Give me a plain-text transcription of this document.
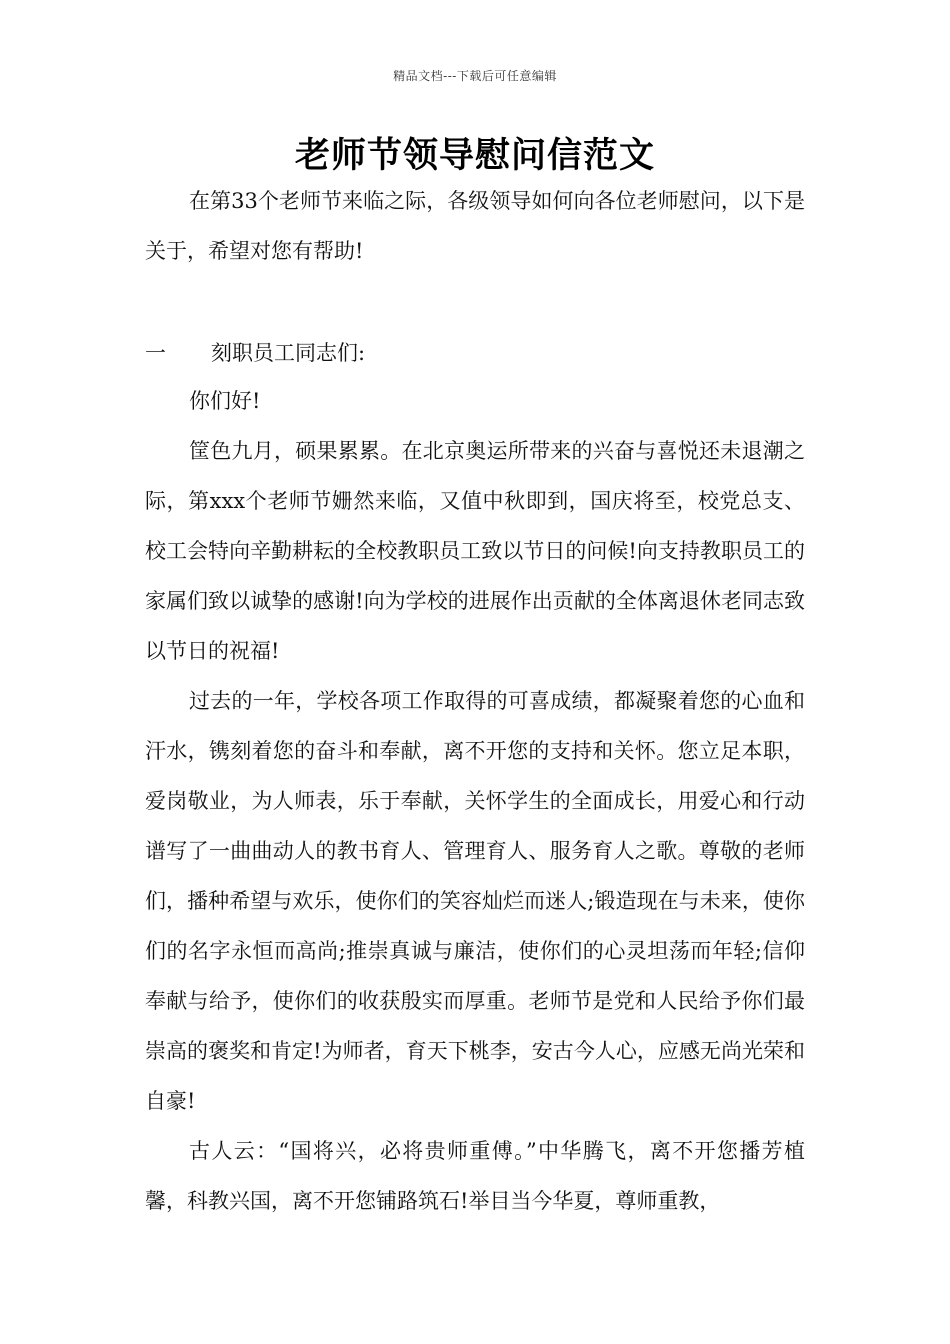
精品文档---下载后可任意编辑
老师节领导慰问信范文

在第33个老师节来临之际，各级领导如何向各位老师慰问，以下是关于，希望对您有帮助!

一 刻职员工同志们:

你们好!

筐色九月，硕果累累。在北京奥运所带来的兴奋与喜悦还未退潮之际，第xxx个老师节姗然来临，又值中秋即到，国庆将至，校党总支、校工会特向辛勤耕耘的全校教职员工致以节日的问候!向支持教职员工的家属们致以诚挚的感谢!向为学校的进展作出贡献的全体离退休老同志致以节日的祝福!

过去的一年，学校各项工作取得的可喜成绩，都凝聚着您的心血和汗水，镌刻着您的奋斗和奉献，离不开您的支持和关怀。您立足本职，爱岗敬业，为人师表，乐于奉献，关怀学生的全面成长，用爱心和行动谱写了一曲曲动人的教书育人、管理育人、服务育人之歌。尊敬的老师们，播种希望与欢乐，使你们的笑容灿烂而迷人;锻造现在与未来，使你们的名字永恒而高尚;推崇真诚与廉洁，使你们的心灵坦荡而年轻;信仰奉献与给予，使你们的收获殷实而厚重。老师节是党和人民给予你们最崇高的褒奖和肯定!为师者，育天下桃李，安古今人心，应感无尚光荣和自豪!

古人云：“国将兴，必将贵师重傅。”中华腾飞，离不开您播芳植馨，科教兴国，离不开您铺路筑石!举目当今华夏，尊师重教，
